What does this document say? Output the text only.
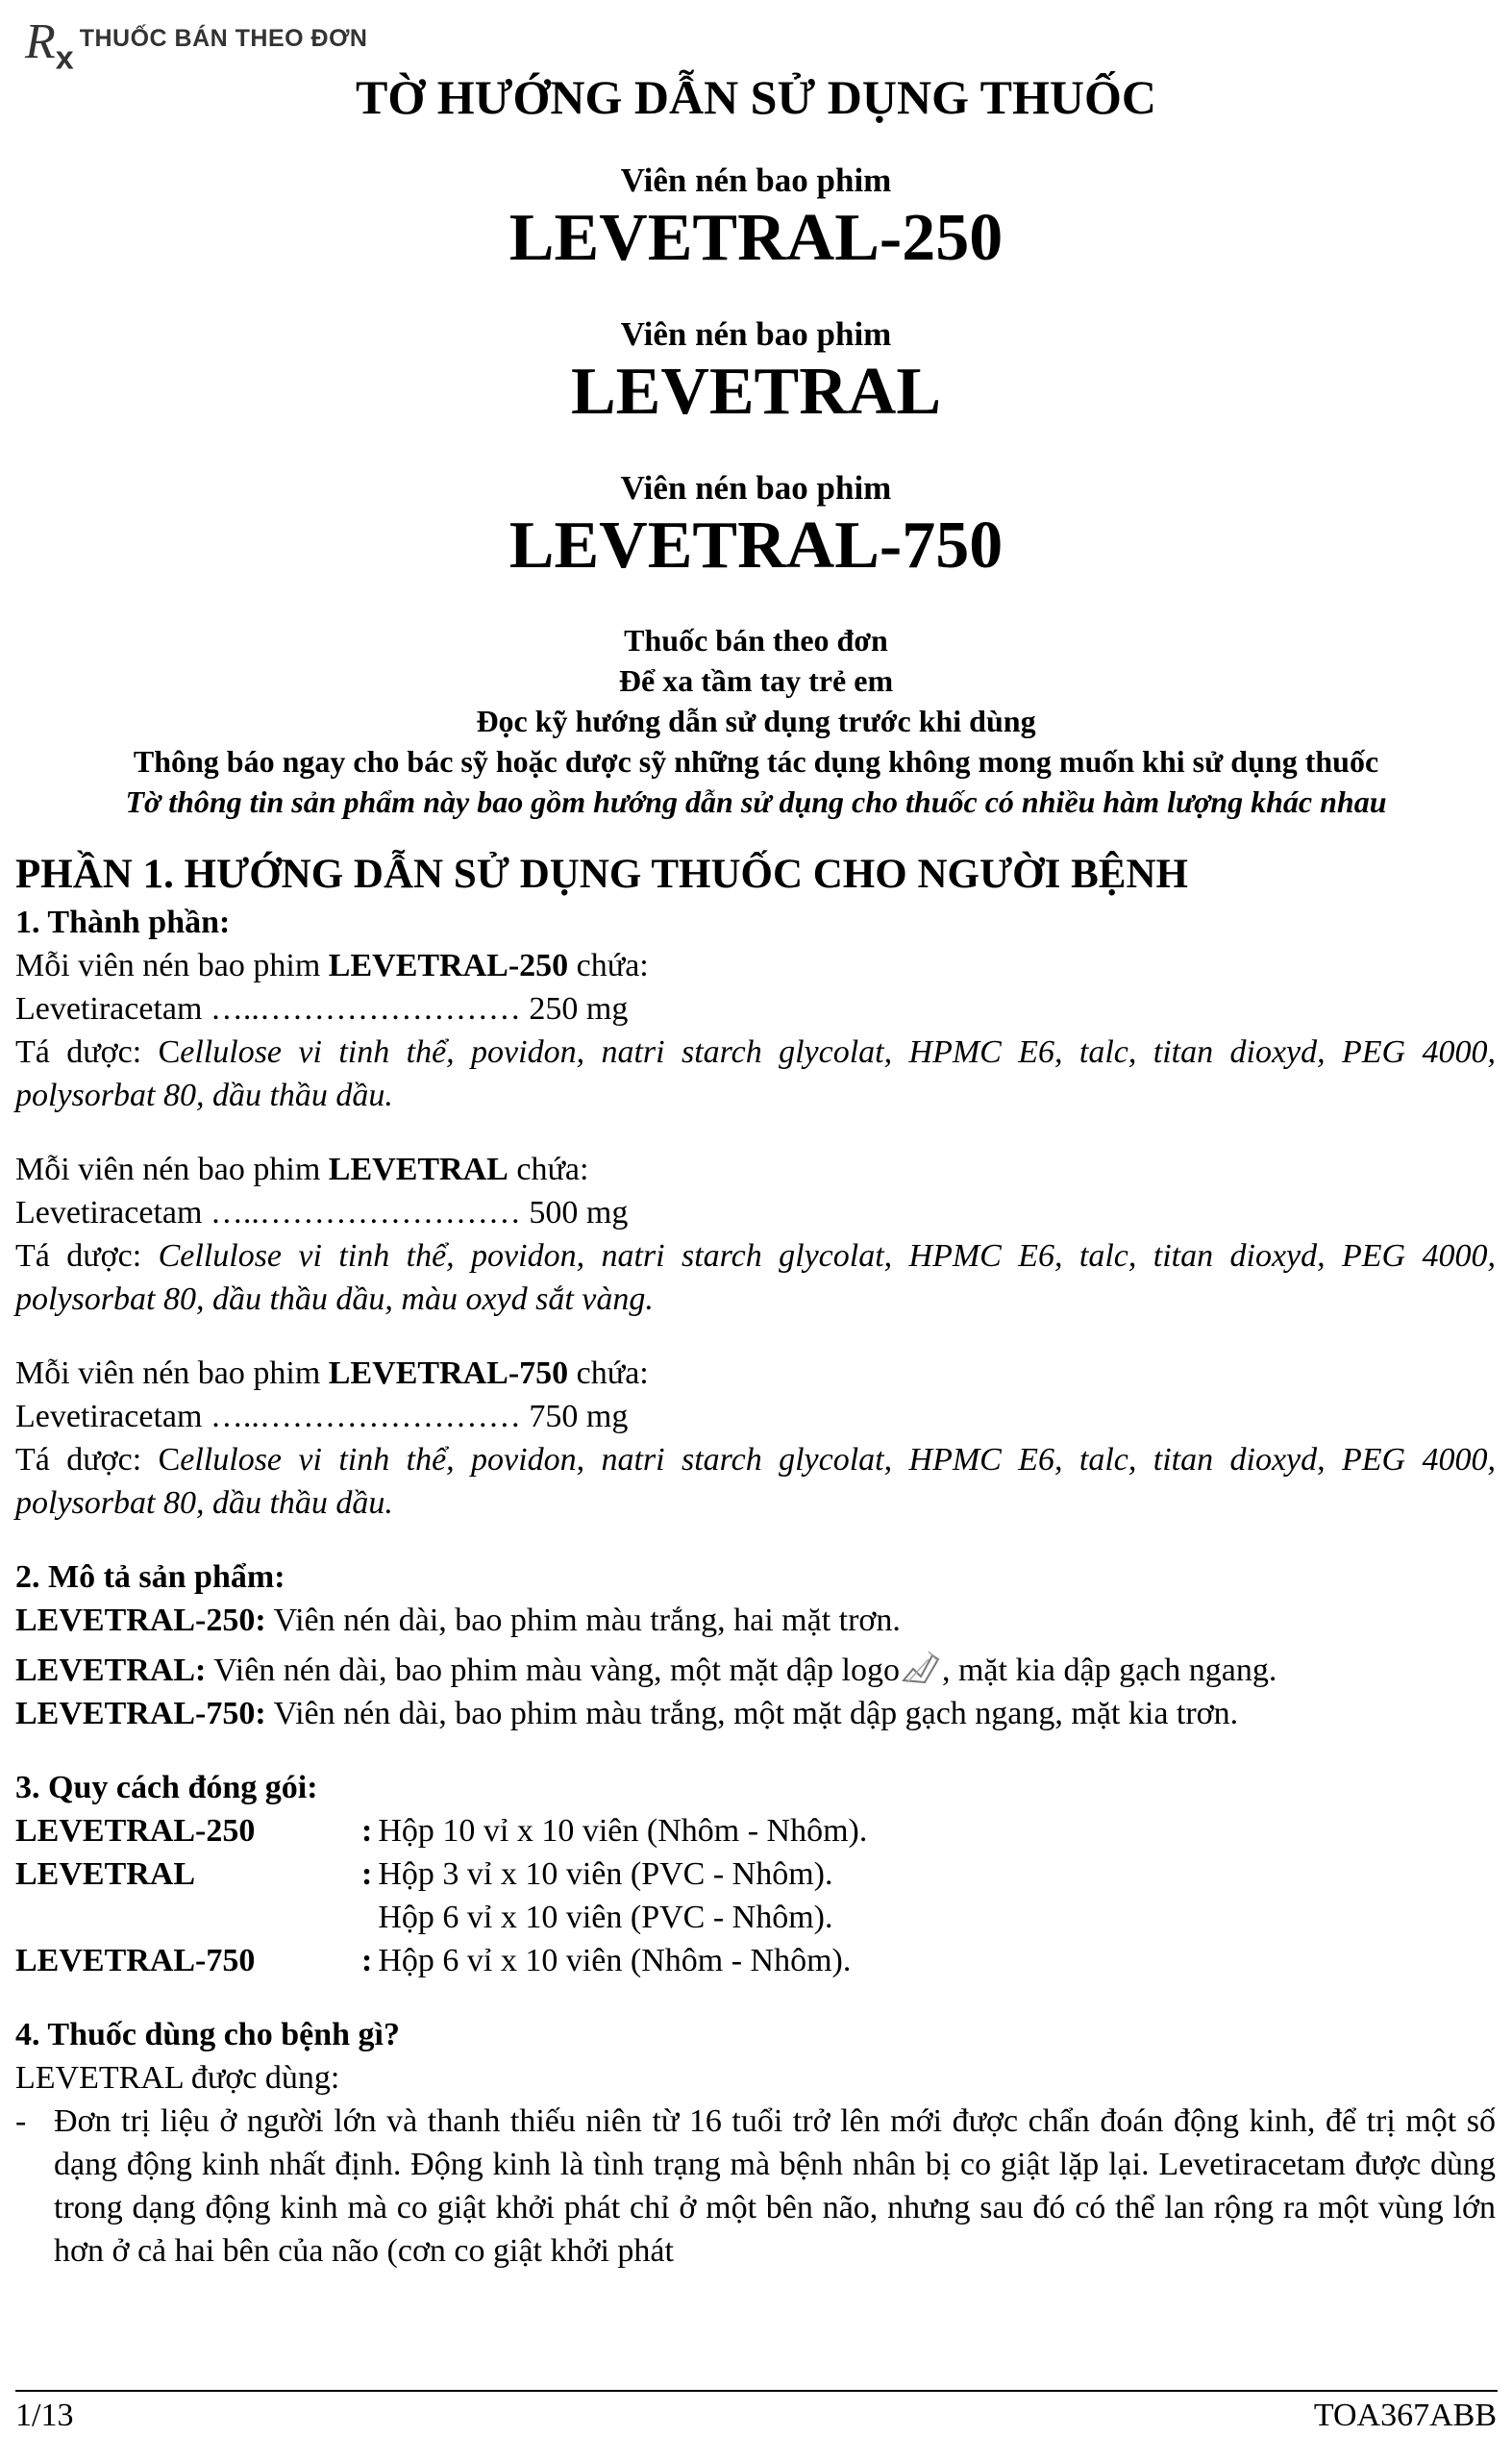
$R_x$
THUỐC BÁN THEO ĐƠN
TỜ HƯỚNG DẪN SỬ DỤNG THUỐC
Viên nén bao phim
LEVETRAL-250
Viên nén bao phim
LEVETRAL
Viên nén bao phim
LEVETRAL-750
Thuốc bán theo đơn
Để xa tầm tay trẻ em
Đọc kỹ hướng dẫn sử dụng trước khi dùng
Thông báo ngay cho bác sỹ hoặc dược sỹ những tác dụng không mong muốn khi sử dụng thuốc
Tờ thông tin sản phẩm này bao gồm hướng dẫn sử dụng cho thuốc có nhiều hàm lượng khác nhau

PHẦN 1. HƯỚNG DẪN SỬ DỤNG THUỐC CHO NGƯỜI BỆNH

1. Thành phần:

Mỗi viên nén bao phim LEVETRAL-250 chứa:

Levetiracetam …..…………………… 250 mg

Tá dược: Cellulose vi tinh thể, povidon, natri starch glycolat, HPMC E6, talc, titan dioxyd, PEG 4000, polysorbat 80, dầu thầu dầu.

Mỗi viên nén bao phim LEVETRAL chứa:

Levetiracetam …..…………………… 500 mg

Tá dược: Cellulose vi tinh thể, povidon, natri starch glycolat, HPMC E6, talc, titan dioxyd, PEG 4000, polysorbat 80, dầu thầu dầu, màu oxyd sắt vàng.

Mỗi viên nén bao phim LEVETRAL-750 chứa:

Levetiracetam …..…………………… 750 mg

Tá dược: Cellulose vi tinh thể, povidon, natri starch glycolat, HPMC E6, talc, titan dioxyd, PEG 4000, polysorbat 80, dầu thầu dầu.

2. Mô tả sản phẩm:

LEVETRAL-250: Viên nén dài, bao phim màu trắng, hai mặt trơn.

LEVETRAL: Viên nén dài, bao phim màu vàng, một mặt dập logo , mặt kia dập gạch ngang.

LEVETRAL-750: Viên nén dài, bao phim màu trắng, một mặt dập gạch ngang, mặt kia trơn.

3. Quy cách đóng gói:

LEVETRAL-250	: Hộp 10 vỉ x 10 viên (Nhôm - Nhôm).
LEVETRAL	: Hộp 3 vỉ x 10 viên (PVC - Nhôm).
Hộp 6 vỉ x 10 viên (PVC - Nhôm).
LEVETRAL-750	: Hộp 6 vỉ x 10 viên (Nhôm - Nhôm).

4. Thuốc dùng cho bệnh gì?

LEVETRAL được dùng:

- Đơn trị liệu ở người lớn và thanh thiếu niên từ 16 tuổi trở lên mới được chẩn đoán động kinh, để trị một số dạng động kinh nhất định. Động kinh là tình trạng mà bệnh nhân bị co giật lặp lại. Levetiracetam được dùng trong dạng động kinh mà co giật khởi phát chỉ ở một bên não, nhưng sau đó có thể lan rộng ra một vùng lớn hơn ở cả hai bên của não (cơn co giật khởi phát
1/13	TOA367ABB
